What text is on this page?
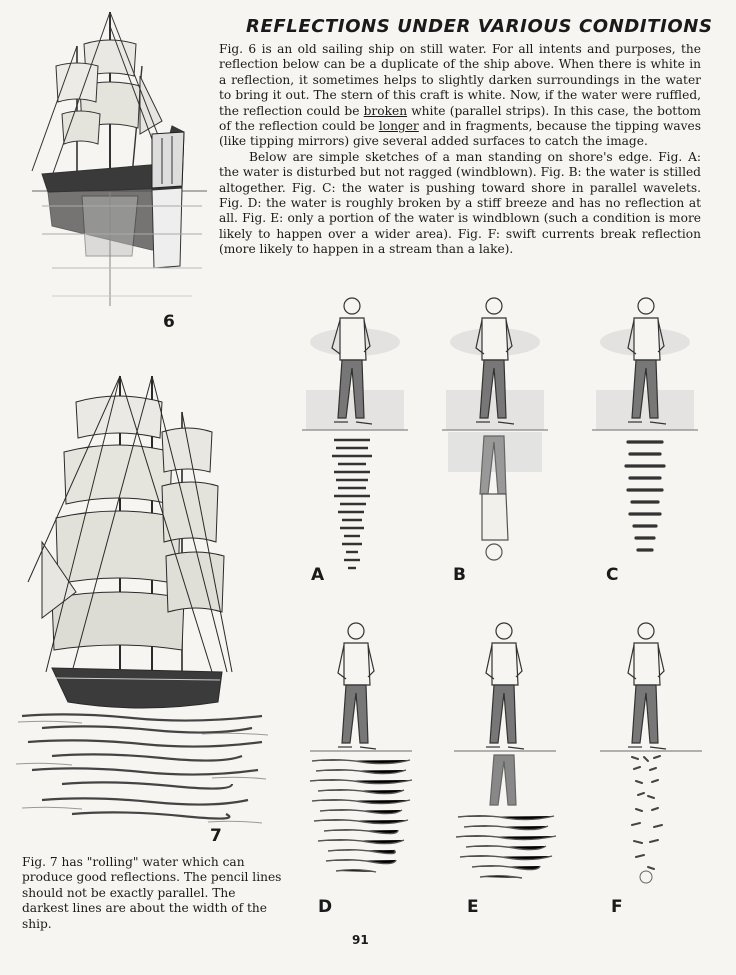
REFLECTIONS UNDER VARIOUS CONDITIONS

Fig. 6 is an old sailing ship on still water. For all intents and purposes, the reflection below can be a duplicate of the ship above. When there is white in a reflection, it sometimes helps to slightly darken surroundings in the water to bring it out. The stern of this craft is white. Now, if the water were ruffled, the reflection could be broken white (parallel strips). In this case, the bottom of the reflection could be longer and in fragments, because the tipping waves (like tipping mirrors) give several added surfaces to catch the image.

Below are simple sketches of a man standing on shore's edge. Fig. A: the water is disturbed but not ragged (windblown). Fig. B: the water is stilled altogether. Fig. C: the water is pushing toward shore in parallel wavelets. Fig. D: the water is roughly broken by a stiff breeze and has no reflection at all. Fig. E: only a portion of the water is windblown (such a condition is more likely to happen over a wider area). Fig. F: swift currents break reflection (more likely to happen in a stream than a lake).

6
7
Fig. 7 has "rolling" water which can produce good reflections. The pencil lines should not be exactly parallel. The darkest lines are about the width of the ship.
A	B	C
D	E	F
91
